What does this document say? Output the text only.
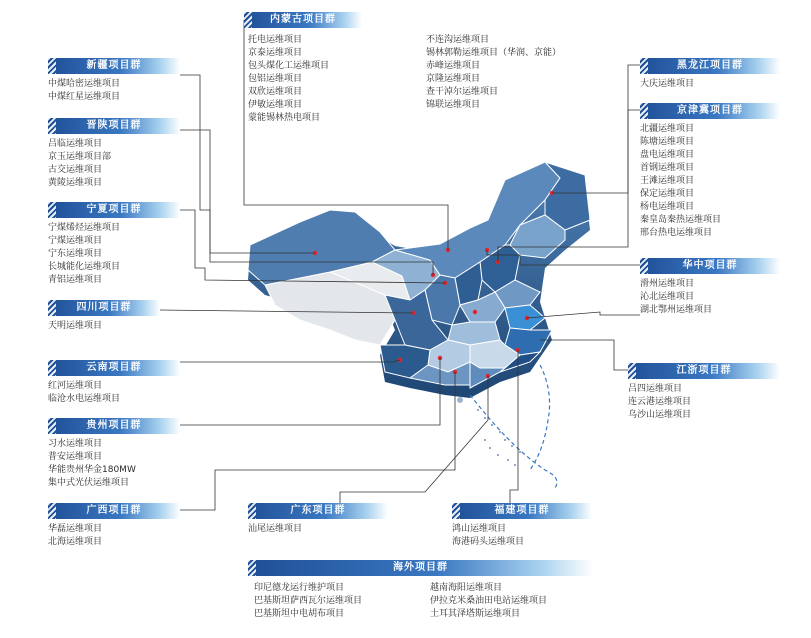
内蒙古项目群
托电运维项目
京泰运维项目
包头煤化工运维项目
包铝运维项目
双欣运维项目
伊敏运维项目
蒙能锡林热电项目
不连沟运维项目
锡林郭勒运维项目（华润、京能）
赤峰运维项目
京隆运维项目
查干淖尔运维项目
锦联运维项目
新疆项目群
中煤哈密运维项目
中煤红星运维项目
晋陕项目群
吕临运维项目
京玉运维项目部
古交运维项目
黄陵运维项目
宁夏项目群
宁煤烯烃运维项目
宁煤运维项目
宁东运维项目
长城能化运维项目
青铝运维项目
四川项目群
天明运维项目
云南项目群
红河运维项目
临沧水电运维项目
贵州项目群
习水运维项目
普安运维项目
华能贵州华金180MW
集中式光伏运维项目
广西项目群
华磊运维项目
北海运维项目
广东项目群
汕尾运维项目
福建项目群
鸿山运维项目
海港码头运维项目
海外项目群
印尼德龙运行维护项目
巴基斯坦萨西瓦尔运维项目
巴基斯坦中电胡布项目
越南海阳运维项目
伊拉克米桑油田电站运维项目
土耳其泽塔斯运维项目
黑龙江项目群
大庆运维项目
京津冀项目群
北疆运维项目
陈塘运维项目
盘电运维项目
首钢运维项目
王滩运维项目
保定运维项目
杨电运维项目
秦皇岛秦热运维项目
邢台热电运维项目
华中项目群
滑州运维项目
沁北运维项目
湖北鄂州运维项目
江浙项目群
吕四运维项目
连云港运维项目
乌沙山运维项目
